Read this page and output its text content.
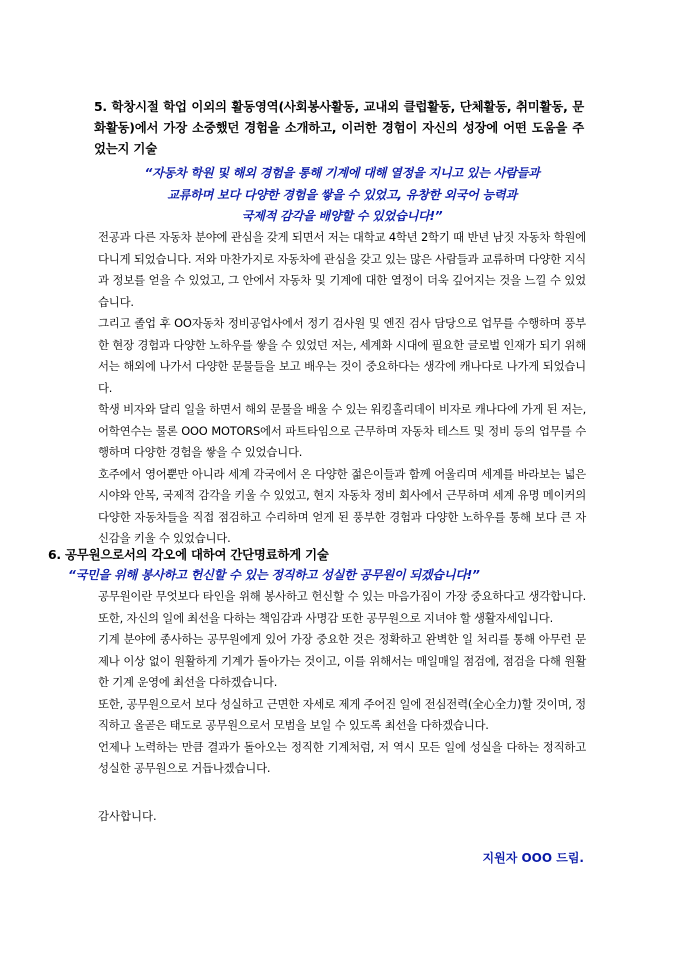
5. 학창시절 학업 이외의 활동영역(사회봉사활동, 교내외 클럽활동, 단체활동, 취미활동, 문화활동)에서 가장 소중했던 경험을 소개하고, 이러한 경험이 자신의 성장에 어떤 도움을 주었는지 기술
“자동차 학원 및 해외 경험을 통해 기계에 대해 열정을 지니고 있는 사람들과
교류하며 보다 다양한 경험을 쌓을 수 있었고, 유창한 외국어 능력과
국제적 감각을 배양할 수 있었습니다!”

전공과 다른 자동차 분야에 관심을 갖게 되면서 저는 대학교 4학년 2학기 때 반년 남짓 자동차 학원에 다니게 되었습니다. 저와 마찬가지로 자동차에 관심을 갖고 있는 많은 사람들과 교류하며 다양한 지식과 정보를 얻을 수 있었고, 그 안에서 자동차 및 기계에 대한 열정이 더욱 깊어지는 것을 느낄 수 있었습니다.

그리고 졸업 후 OO자동차 정비공업사에서 정기 검사원 및 엔진 검사 담당으로 업무를 수행하며 풍부한 현장 경험과 다양한 노하우를 쌓을 수 있었던 저는, 세계화 시대에 필요한 글로벌 인재가 되기 위해서는 해외에 나가서 다양한 문물들을 보고 배우는 것이 중요하다는 생각에 캐나다로 나가게 되었습니다.

학생 비자와 달리 일을 하면서 해외 문물을 배울 수 있는 워킹홀리데이 비자로 캐나다에 가게 된 저는, 어학연수는 물론 OOO MOTORS에서 파트타임으로 근무하며 자동차 테스트 및 정비 등의 업무를 수행하며 다양한 경험을 쌓을 수 있었습니다.

호주에서 영어뿐만 아니라 세계 각국에서 온 다양한 젊은이들과 함께 어울리며 세계를 바라보는 넓은 시야와 안목, 국제적 감각을 키울 수 있었고, 현지 자동차 정비 회사에서 근무하며 세계 유명 메이커의 다양한 자동차들을 직접 점검하고 수리하며 얻게 된 풍부한 경험과 다양한 노하우를 통해 보다 큰 자신감을 키울 수 있었습니다.

6. 공무원으로서의 각오에 대하여 간단명료하게 기술
“국민을 위해 봉사하고 헌신할 수 있는 정직하고 성실한 공무원이 되겠습니다!”

공무원이란 무엇보다 타인을 위해 봉사하고 헌신할 수 있는 마음가짐이 가장 중요하다고 생각합니다. 또한, 자신의 일에 최선을 다하는 책임감과 사명감 또한 공무원으로 지녀야 할 생활자세입니다.

기계 분야에 종사하는 공무원에게 있어 가장 중요한 것은 정확하고 완벽한 일 처리를 통해 아무런 문제나 이상 없이 원활하게 기계가 돌아가는 것이고, 이를 위해서는 매일매일 점검에, 점검을 다해 원활한 기계 운영에 최선을 다하겠습니다.

또한, 공무원으로서 보다 성실하고 근면한 자세로 제게 주어진 일에 전심전력(全心全力)할 것이며, 정직하고 올곧은 태도로 공무원으로서 모범을 보일 수 있도록 최선을 다하겠습니다.

언제나 노력하는 만큼 결과가 돌아오는 정직한 기계처럼, 저 역시 모든 일에 성실을 다하는 정직하고 성실한 공무원으로 거듭나겠습니다.

감사합니다.
지원자 OOO 드림.
